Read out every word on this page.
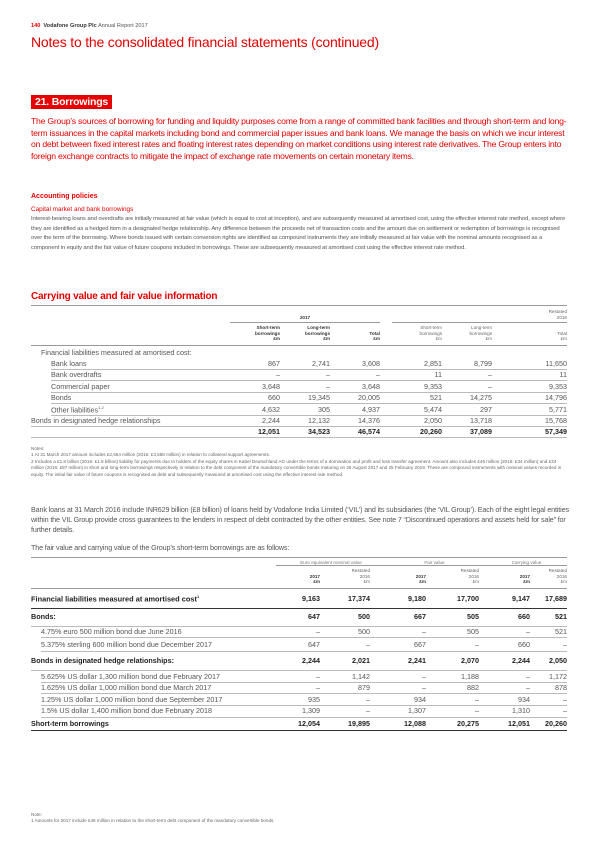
140 Vodafone Group Plc Annual Report 2017
Notes to the consolidated financial statements (continued)
21. Borrowings
The Group’s sources of borrowing for funding and liquidity purposes come from a range of committed bank facilities and through short-term and long-term issuances in the capital markets including bond and commercial paper issues and bank loans. We manage the basis on which we incur interest on debt between fixed interest rates and floating interest rates depending on market conditions using interest rate derivatives. The Group enters into foreign exchange contracts to mitigate the impact of exchange rate movements on certain monetary items.
Accounting policies
Capital market and bank borrowings
Interest-bearing loans and overdrafts are initially measured at fair value (which is equal to cost at inception), and are subsequently measured at amortised cost, using the effective interest rate method, except where they are identified as a hedged item in a designated hedge relationship. Any difference between the proceeds net of transaction costs and the amount due on settlement or redemption of borrowings is recognised over the term of the borrowing. Where bonds issued with certain conversion rights are identified as compound instruments they are initially measured at fair value with the nominal amounts recognised as a component in equity and the fair value of future coupons included in borrowings. These are subsequently measured at amortised cost using the effective interest rate method.
Carrying value and fair value information
Restated
2016
2017
Short-term
borrowings
£m
Long-term
borrowings
£m

Total
£m
Short-term
borrowings
£m
Long-term
borrowings
£m

Total
£m
Financial liabilities measured at amortised cost:
Bank loans	867	2,741	3,608	2,851	8,799	11,650
Bank overdrafts	–	–	–	11	–	11
Commercial paper	3,648	–	3,648	9,353	–	9,353
Bonds	660	19,345	20,005	521	14,275	14,796
Other liabilities$^{1,2}$	4,632	305	4,937	5,474	297	5,771
Bonds in designated hedge relationships	2,244	12,132	14,376	2,050	13,718	15,768
12,051	34,523	46,574	20,260	37,089	57,349
Notes:
1 At 31 March 2017 amount includes £2,654 million (2016: £3,588 million) in relation to collateral support agreements.
2 Includes a £1.8 billion (2016: £1.8 billion) liability for payments due to holders of the equity shares in Kabel Deutschland AG under the terms of a domination and profit and loss transfer agreement. Amount also includes £46 million (2016: £34 million) and £34 million (2016: £87 million) in short and long-term borrowings respectively in relation to the debt component of the mandatory convertible bonds maturing on 25 August 2017 and 25 February 2019. These are compound instruments with nominal values recorded in equity. The initial fair value of future coupons is recognised as debt and subsequently measured at amortised cost using the effective interest rate method.
Bank loans at 31 March 2016 include INR629 billion (£8 billion) of loans held by Vodafone India Limited (‘VIL’) and its subsidiaries (the ‘VIL Group’). Each of the eight legal entities within the VIL Group provide cross guarantees to the lenders in respect of debt contracted by the other entities. See note 7 “Discontinued operations and assets held for sale” for further details.
The fair value and carrying value of the Group’s short-term borrowings are as follows:
Euro equivalent nominal value	Fair value	Carrying value

2017
£m
Restated
2016
£m

2017
£m
Restated
2016
£m

2017
£m
Restated
2016
£m
Financial liabilities measured at amortised cost$^1$	9,163	17,374	9,180	17,700	9,147	17,689
Bonds:	647	500	667	505	660	521
4.75% euro 500 million bond due June 2016	–	500	–	505	–	521
5.375% sterling 600 million bond due December 2017	647	–	667	–	660	–
Bonds in designated hedge relationships:	2,244	2,021	2,241	2,070	2,244	2,050
5.625% US dollar 1,300 million bond due February 2017	–	1,142	–	1,188	–	1,172
1.625% US dollar 1,000 million bond due March 2017	–	879	–	882	–	878
1.25% US dollar 1,000 million bond due September 2017	935	–	934	–	934	–
1.5% US dollar 1,400 million bond due February 2018	1,309	–	1,307	–	1,310	–
Short-term borrowings	12,054	19,895	12,088	20,275	12,051	20,260
Note:
1 Amounts for 2017 include £46 million in relation to the short-term debt component of the mandatory convertible bonds.
